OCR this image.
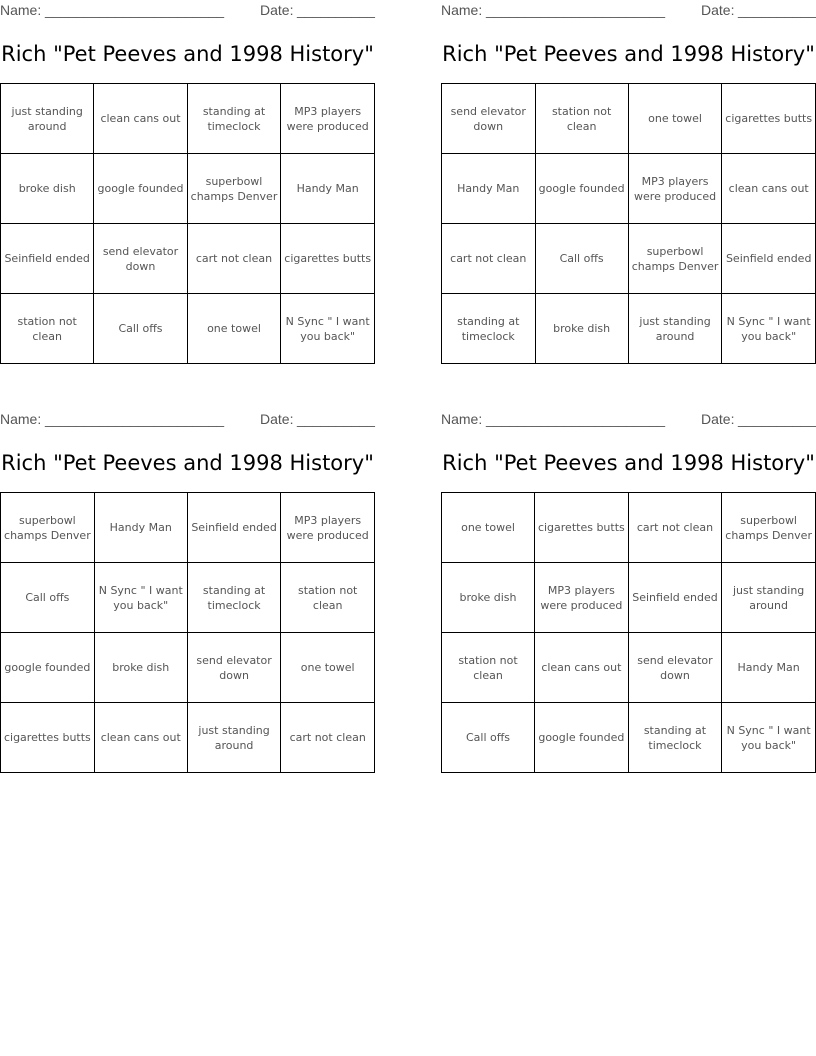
Name: _______________________	Date: __________
Rich "Pet Peeves and 1998 History"
just standing around	clean cans out	standing at timeclock	MP3 players were produced
broke dish	google founded	superbowl champs Denver	Handy Man
Seinfield ended	send elevator down	cart not clean	cigarettes butts
station not clean	Call offs	one towel	N Sync " I want you back"
Name: _______________________	Date: __________
Rich "Pet Peeves and 1998 History"
send elevator down	station not clean	one towel	cigarettes butts
Handy Man	google founded	MP3 players were produced	clean cans out
cart not clean	Call offs	superbowl champs Denver	Seinfield ended
standing at timeclock	broke dish	just standing around	N Sync " I want you back"
Name: _______________________	Date: __________
Rich "Pet Peeves and 1998 History"
superbowl champs Denver	Handy Man	Seinfield ended	MP3 players were produced
Call offs	N Sync " I want you back"	standing at timeclock	station not clean
google founded	broke dish	send elevator down	one towel
cigarettes butts	clean cans out	just standing around	cart not clean
Name: _______________________	Date: __________
Rich "Pet Peeves and 1998 History"
one towel	cigarettes butts	cart not clean	superbowl champs Denver
broke dish	MP3 players were produced	Seinfield ended	just standing around
station not clean	clean cans out	send elevator down	Handy Man
Call offs	google founded	standing at timeclock	N Sync " I want you back"
